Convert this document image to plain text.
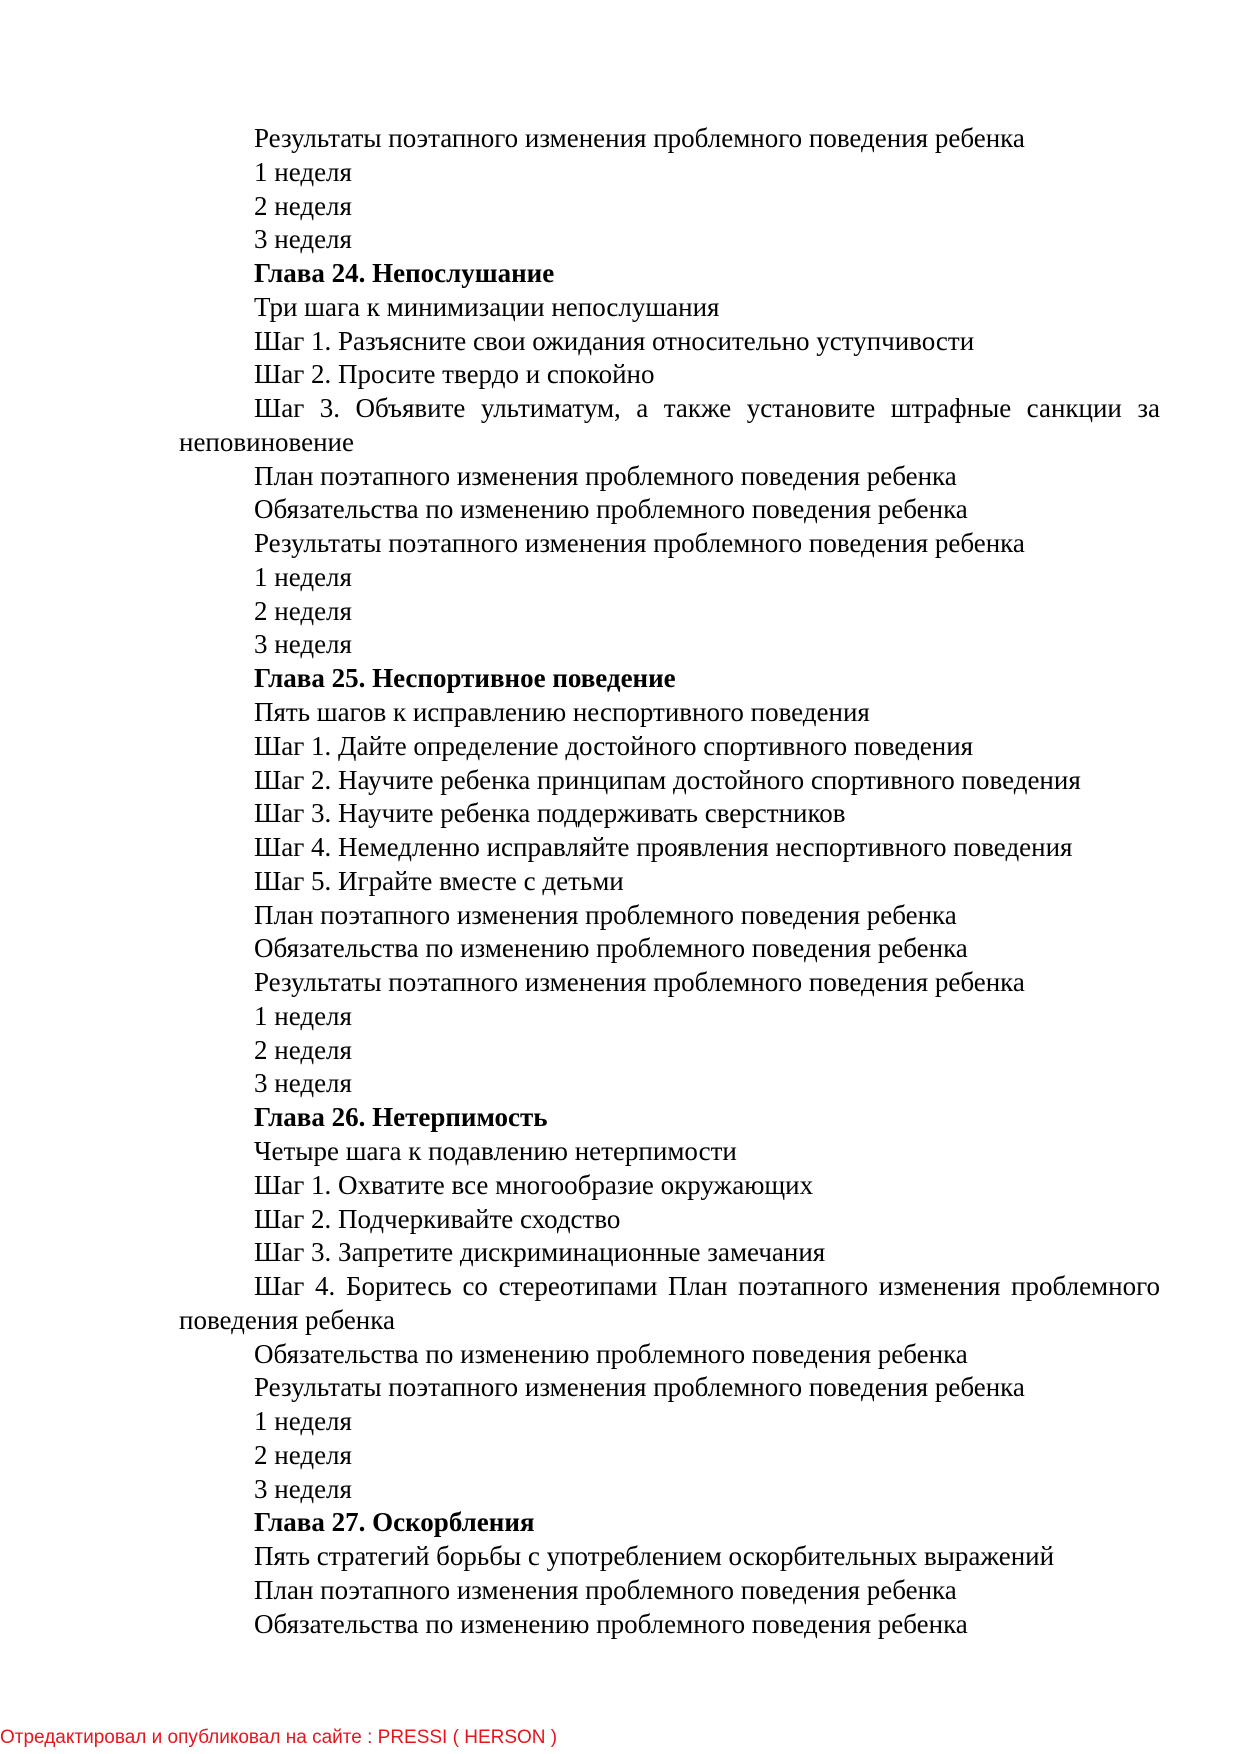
Результаты поэтапного изменения проблемного поведения ребенка

1 неделя

2 неделя

3 неделя

Глава 24. Непослушание

Три шага к минимизации непослушания

Шаг 1. Разъясните свои ожидания относительно уступчивости

Шаг 2. Просите твердо и спокойно

Шаг 3. Объявите ультиматум, а также установите штрафные санкции за неповиновение

План поэтапного изменения проблемного поведения ребенка

Обязательства по изменению проблемного поведения ребенка

Результаты поэтапного изменения проблемного поведения ребенка

1 неделя

2 неделя

3 неделя

Глава 25. Неспортивное поведение

Пять шагов к исправлению неспортивного поведения

Шаг 1. Дайте определение достойного спортивного поведения

Шаг 2. Научите ребенка принципам достойного спортивного поведения

Шаг 3. Научите ребенка поддерживать сверстников

Шаг 4. Немедленно исправляйте проявления неспортивного поведения

Шаг 5. Играйте вместе с детьми

План поэтапного изменения проблемного поведения ребенка

Обязательства по изменению проблемного поведения ребенка

Результаты поэтапного изменения проблемного поведения ребенка

1 неделя

2 неделя

3 неделя

Глава 26. Нетерпимость

Четыре шага к подавлению нетерпимости

Шаг 1. Охватите все многообразие окружающих

Шаг 2. Подчеркивайте сходство

Шаг 3. Запретите дискриминационные замечания

Шаг 4. Боритесь со стереотипами План поэтапного изменения проблемного поведения ребенка

Обязательства по изменению проблемного поведения ребенка

Результаты поэтапного изменения проблемного поведения ребенка

1 неделя

2 неделя

3 неделя

Глава 27. Оскорбления

Пять стратегий борьбы с употреблением оскорбительных выражений

План поэтапного изменения проблемного поведения ребенка

Обязательства по изменению проблемного поведения ребенка

Отредактировал и опубликовал на сайте : PRESSI ( HERSON )
